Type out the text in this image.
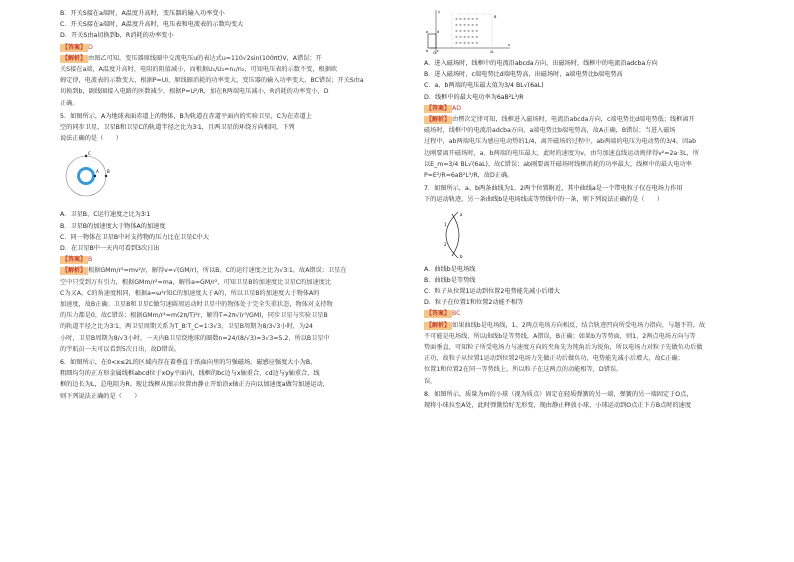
B．开关S接在a端时，A温度升高时，变压器的输入功率变小

C．开关S接在a端时，A温度升高时，电压表和电流表的示数均变大

D．开关S由a切换到b，R消耗的功率变小

【答案】 D

【解析】 由图乙可知，变压器原线圈中交流电压u的表达式u=110√2sin(100πt)V，A错误；开

关S接在a端，A温度升高时，电阻的阻值减小，而根据U₁/U₂=n₁/n₂，可知电压表的示数不变，根据欧

姆定律，电流表的示数变大，根据P=UI，原线圈消耗的功率变大，变压器的输入功率变大，BC错误；开关S由a

切换到b，副线圈接入电路的匝数减少，根据P=U²/R，加在R两端电压减小，R消耗的功率变小，D

正确。

5．如图所示，A为地球表面赤道上的物体，B为轨道在赤道平面内的实验卫星，C为在赤道上

空的同步卫星，卫星B和卫星C的轨道半径之比为3∶1，且两卫星的环绕方向相同，下列

说法正确的是（　　）

A B
C

A．卫星B、C运行速度之比为3∶1

B．卫星B的加速度大于物体A的加速度

C．同一物体在卫星B中对支持物的压力比在卫星C中大

D．在卫星B中一天内可看到3次日出

【答案】 B

【解析】 根据GMm/r²=mv²/r，解得v=√(GM/r)，所以B、C的运行速度之比为√3∶1，故A错误；卫星在

空中只受到万有引力，根据GMm/r²=ma，解得a=GM/r²，可知卫星B的加速度比卫星C的加速度比

C为又A、C的角速度相同，根据a=ω²r知C的加速度大于A的，所以卫星B的加速度大于物体A的

加速度，故B正确；卫星B和卫星C做匀速圆周运动时卫星中的物体处于完全失重状态，物体对支持物

的压力都是0，故C错误；根据GMm/r²=m(2π/T)²r，解得T=2π√(r³/GM)，同步卫星与实验卫星B

的轨道半径之比为3∶1，两卫星周期关系为T_B∶T_C=1∶3√3，卫星B周期为8/3√3小时，为24

小时，卫星B周期为8/√3小时，一天内B卫星绕地球的圈数n=24/(8/√3)=3√3≈5.2，所以B卫星中

的宇航员一天可以看到5次日出，故D错误。

6．如图所示，在0<x≤2L的区域内存在着垂直于纸面向里的匀强磁场，磁感应强度大小为B，

粗细均匀的正方形金属线框abcd位于xOy平面内，线框的bc边与x轴重合，cd边与y轴重合，线

框的边长为L，总电阻为R。现让线框从图示位置由静止开始沿x轴正方向以加速度a做匀加速运动，

则下列说法正确的是（　　）

× × × × × ×
× × × × × ×
× × × × × ×
× × × × × ×
× × × × × ×
a
b	c
d
O	2L
x
y
B

A．进入磁场时，线框中的电流沿abcda方向，出磁场时，线框中的电流沿adcba方向

B．进入磁场时，c端电势比d端电势高，出磁场时，a端电势比b端电势高

C．a、b两端的电压最大值为3/4 BL√(6aL)

D．线框中的最大电功率为6aB²L³/R

【答案】 AD

【解析】 由楞次定律可知，线框进入磁场时，电流沿abcda方向，c端电势比d端电势低；线框离开

磁场时，线框中的电流沿adcba方向，a端电势比b端电势高，故A正确，B错误；当进入磁场

过程中，ab两端电压为感应电动势的1/4，离开磁场的过程中，ab两端的电压为电动势的3/4，因ab

边刚要离开磁场时，a、b两端的电压最大，此时的速度为v，由匀加速直线运动规律得v²=2a·3L，所

以E_m=3/4 BL√(6aL)，故C错误；ab刚要离开磁场时线框消耗的功率最大，线框中的最大电功率

P=E²/R=6aB²L³/R，故D正确。

7．如图所示，a、b两条曲线为1、2两个位置附近，其中曲线a是一个带电粒子仅在电场力作用

下的运动轨迹，另一条曲线b是电场线或等势线中的一条，则下列说法正确的是（　　）

a
b
1
2

A．曲线b是电场线

B．曲线b是等势线

C．粒子从位置1运动到位置2电势能先减小后增大

D．粒子在位置1和位置2动能不相等

【答案】 BC

【解析】 如果曲线b是电场线，1、2两点电场方向相反，结合轨迹凹向所受电场力指向，与题不符，故

不可能是电场线，所以曲线b是等势线，A错误，B正确；如果b为等势面，则1、2两点电场方向与等

势面垂直，可知粒子所受电场力与速度方向的夹角先为钝角后为锐角，所以电场力对粒子先做负功后做

正功，故粒子从位置1运动到位置2电场力先做正功后做负功，电势能先减小后增大，故C正确；

位置1和位置2在同一等势线上，所以粒子在这两点的动能相等，D错误。

误。

8．如图所示，质量为m的小球（视为质点）固定在轻质弹簧的另一端，弹簧的另一端固定于O点，

现将小球拉至A处，此时弹簧恰好无形变，现由静止释放小球，小球运动到O点正下方B点时的速度
